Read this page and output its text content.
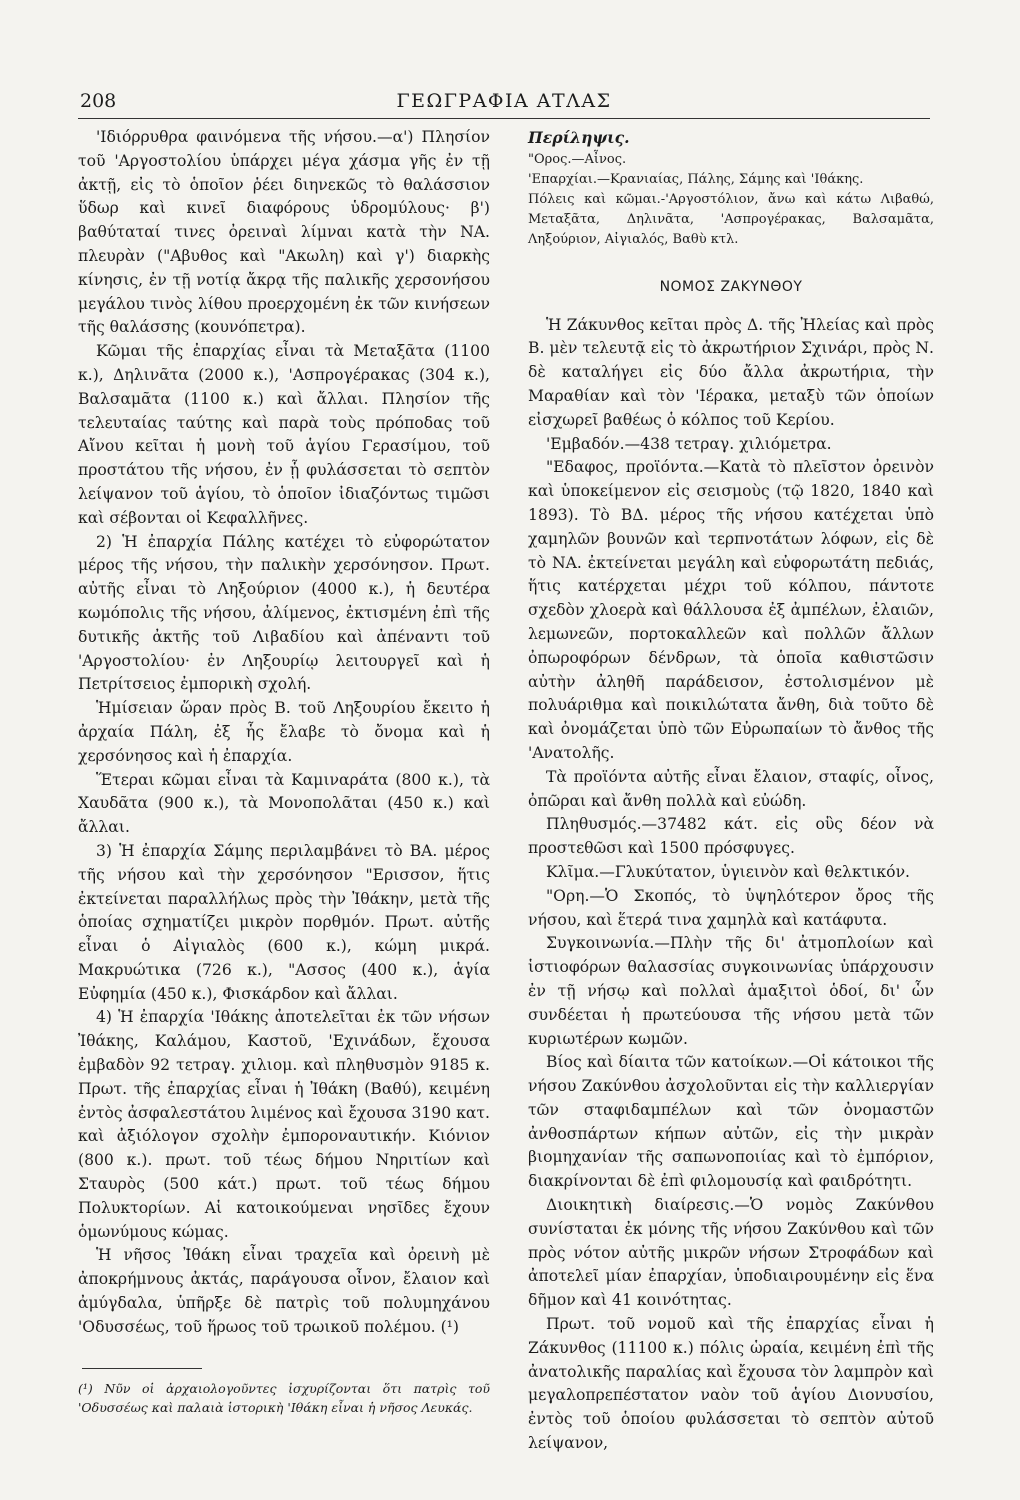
208	ΓΕΩΓΡΑΦΙΑ ΑΤΛΑΣ

'Ιδιόρρυθρα φαινόμενα τῆς νήσου.—α') Πλησίον τοῦ 'Αργοστολίου ὑπάρχει μέγα χάσμα γῆς ἐν τῇ ἀκτῇ, εἰς τὸ ὁποῖον ῥέει διηνεκῶς τὸ θαλάσσιον ὕδωρ καὶ κινεῖ διαφόρους ὑδρομύλους· β') βαθύταταί τινες ὀρειναὶ λίμναι κατὰ τὴν ΝΑ. πλευρὰν ("Αβυθος καὶ "Ακωλη) καὶ γ') διαρκὴς κίνησις, ἐν τῇ νοτίᾳ ἄκρᾳ τῆς παλικῆς χερσονήσου μεγάλου τινὸς λίθου προερχομένη ἐκ τῶν κινήσεων τῆς θαλάσσης (κουνόπετρα).

Κῶμαι τῆς ἐπαρχίας εἶναι τὰ Μεταξᾶτα (1100 κ.), Δηλινᾶτα (2000 κ.), 'Ασπρογέρακας (304 κ.), Βαλσαμᾶτα (1100 κ.) καὶ ἄλλαι. Πλησίον τῆς τελευταίας ταύτης καὶ παρὰ τοὺς πρόποδας τοῦ Αἴνου κεῖται ἡ μονὴ τοῦ ἁγίου Γερασίμου, τοῦ προστάτου τῆς νήσου, ἐν ᾗ φυλάσσεται τὸ σεπτὸν λείψανον τοῦ ἁγίου, τὸ ὁποῖον ἰδιαζόντως τιμῶσι καὶ σέβονται οἱ Κεφαλλῆνες.

2) Ἡ ἐπαρχία Πάλης κατέχει τὸ εὐφορώτατον μέρος τῆς νήσου, τὴν παλικὴν χερσόνησον. Πρωτ. αὐτῆς εἶναι τὸ Ληξούριον (4000 κ.), ἡ δευτέρα κωμόπολις τῆς νήσου, ἀλίμενος, ἐκτισμένη ἐπὶ τῆς δυτικῆς ἀκτῆς τοῦ Λιβαδίου καὶ ἀπέναντι τοῦ 'Αργοστολίου· ἐν Ληξουρίῳ λειτουργεῖ καὶ ἡ Πετρίτσειος ἐμπορικὴ σχολή.

Ἡμίσειαν ὥραν πρὸς Β. τοῦ Ληξουρίου ἔκειτο ἡ ἀρχαία Πάλη, ἐξ ἧς ἔλαβε τὸ ὄνομα καὶ ἡ χερσόνησος καὶ ἡ ἐπαρχία.

Ἕτεραι κῶμαι εἶναι τὰ Καμιναράτα (800 κ.), τὰ Χαυδᾶτα (900 κ.), τὰ Μονοπολᾶται (450 κ.) καὶ ἄλλαι.

3) Ἡ ἐπαρχία Σάμης περιλαμβάνει τὸ ΒΑ. μέρος τῆς νήσου καὶ τὴν χερσόνησον "Ερισσον, ἥτις ἐκτείνεται παραλλήλως πρὸς τὴν Ἰθάκην, μετὰ τῆς ὁποίας σχηματίζει μικρὸν πορθμόν. Πρωτ. αὐτῆς εἶναι ὁ Αἰγιαλὸς (600 κ.), κώμη μικρά. Μακρυώτικα (726 κ.), "Ασσος (400 κ.), ἁγία Εὐφημία (450 κ.), Φισκάρδον καὶ ἄλλαι.

4) Ἡ ἐπαρχία 'Ιθάκης ἀποτελεῖται ἐκ τῶν νήσων Ἰθάκης, Καλάμου, Καστοῦ, 'Εχινάδων, ἔχουσα ἐμβαδὸν 92 τετραγ. χιλιομ. καὶ πληθυσμὸν 9185 κ. Πρωτ. τῆς ἐπαρχίας εἶναι ἡ Ἰθάκη (Βαθύ), κειμένη ἐντὸς ἀσφαλεστάτου λιμένος καὶ ἔχουσα 3190 κατ. καὶ ἀξιόλογον σχολὴν ἐμποροναυτικήν. Κιόνιον (800 κ.). πρωτ. τοῦ τέως δήμου Νηριτίων καὶ Σταυρὸς (500 κάτ.) πρωτ. τοῦ τέως δήμου Πολυκτορίων. Αἱ κατοικούμεναι νησῖδες ἔχουν ὁμωνύμους κώμας.

Ἡ νῆσος Ἰθάκη εἶναι τραχεῖα καὶ ὀρεινὴ μὲ ἀποκρήμνους ἀκτάς, παράγουσα οἶνον, ἔλαιον καὶ ἀμύγδαλα, ὑπῆρξε δὲ πατρὶς τοῦ πολυμηχάνου 'Οδυσσέως, τοῦ ἥρωος τοῦ τρωικοῦ πολέμου. (¹)

(¹) Νῦν οἱ ἀρχαιολογοῦντες ἰσχυρίζονται ὅτι πατρὶς τοῦ 'Οδυσσέως καὶ παλαιὰ ἱστορικὴ 'Ιθάκη εἶναι ἡ νῆσος Λευκάς.

Περίληψις.

"Ορος.—Αἶνος.

'Επαρχίαι.—Κρανιαίας, Πάλης, Σάμης καὶ 'Ιθάκης.

Πόλεις καὶ κῶμαι.-'Αργοστόλιον, ἄνω καὶ κάτω Λιβαθώ, Μεταξᾶτα, Δηλινᾶτα, 'Ασπρογέρακας, Βαλσαμᾶτα, Ληξούριον, Αἰγιαλός, Βαθὺ κτλ.

ΝΟΜΟΣ ΖΑΚΥΝΘΟΥ

Ἡ Ζάκυνθος κεῖται πρὸς Δ. τῆς Ἠλείας καὶ πρὸς Β. μὲν τελευτᾷ εἰς τὸ ἀκρωτήριον Σχινάρι, πρὸς Ν. δὲ καταλήγει εἰς δύο ἄλλα ἀκρωτήρια, τὴν Μαραθίαν καὶ τὸν 'Ιέρακα, μεταξὺ τῶν ὁποίων εἰσχωρεῖ βαθέως ὁ κόλπος τοῦ Κερίου.

'Εμβαδόν.—438 τετραγ. χιλιόμετρα.

"Εδαφος, προϊόντα.—Κατὰ τὸ πλεῖστον ὀρεινὸν καὶ ὑποκείμενον εἰς σεισμοὺς (τῷ 1820, 1840 καὶ 1893). Τὸ ΒΔ. μέρος τῆς νήσου κατέχεται ὑπὸ χαμηλῶν βουνῶν καὶ τερπνοτάτων λόφων, εἰς δὲ τὸ ΝΑ. ἐκτείνεται μεγάλη καὶ εὐφορωτάτη πεδιάς, ἥτις κατέρχεται μέχρι τοῦ κόλπου, πάντοτε σχεδὸν χλοερὰ καὶ θάλλουσα ἐξ ἀμπέλων, ἐλαιῶν, λεμωνεῶν, πορτοκαλλεῶν καὶ πολλῶν ἄλλων ὀπωροφόρων δένδρων, τὰ ὁποῖα καθιστῶσιν αὐτὴν ἀληθῆ παράδεισον, ἐστολισμένον μὲ πολυάριθμα καὶ ποικιλώτατα ἄνθη, διὰ τοῦτο δὲ καὶ ὀνομάζεται ὑπὸ τῶν Εὐρωπαίων τὸ ἄνθος τῆς 'Ανατολῆς.

Τὰ προϊόντα αὐτῆς εἶναι ἔλαιον, σταφίς, οἶνος, ὀπῶραι καὶ ἄνθη πολλὰ καὶ εὐώδη.

Πληθυσμός.—37482 κάτ. εἰς οὓς δέον νὰ προστεθῶσι καὶ 1500 πρόσφυγες.

Κλῖμα.—Γλυκύτατον, ὑγιεινὸν καὶ θελκτικόν.

"Ορη.—Ὁ Σκοπός, τὸ ὑψηλότερον ὄρος τῆς νήσου, καὶ ἕτερά τινα χαμηλὰ καὶ κατάφυτα.

Συγκοινωνία.—Πλὴν τῆς δι' ἀτμοπλοίων καὶ ἱστιοφόρων θαλασσίας συγκοινωνίας ὑπάρχουσιν ἐν τῇ νήσῳ καὶ πολλαὶ ἁμαξιτοὶ ὁδοί, δι' ὧν συνδέεται ἡ πρωτεύουσα τῆς νήσου μετὰ τῶν κυριωτέρων κωμῶν.

Βίος καὶ δίαιτα τῶν κατοίκων.—Οἱ κάτοικοι τῆς νήσου Ζακύνθου ἀσχολοῦνται εἰς τὴν καλλιεργίαν τῶν σταφιδαμπέλων καὶ τῶν ὀνομαστῶν ἀνθοσπάρτων κήπων αὐτῶν, εἰς τὴν μικρὰν βιομηχανίαν τῆς σαπωνοποιίας καὶ τὸ ἐμπόριον, διακρίνονται δὲ ἐπὶ φιλομουσίᾳ καὶ φαιδρότητι.

Διοικητικὴ διαίρεσις.—Ὁ νομὸς Ζακύνθου συνίσταται ἐκ μόνης τῆς νήσου Ζακύνθου καὶ τῶν πρὸς νότον αὐτῆς μικρῶν νήσων Στροφάδων καὶ ἀποτελεῖ μίαν ἐπαρχίαν, ὑποδιαιρουμένην εἰς ἕνα δῆμον καὶ 41 κοινότητας.

Πρωτ. τοῦ νομοῦ καὶ τῆς ἐπαρχίας εἶναι ἡ Ζάκυνθος (11100 κ.) πόλις ὡραία, κειμένη ἐπὶ τῆς ἀνατολικῆς παραλίας καὶ ἔχουσα τὸν λαμπρὸν καὶ μεγαλοπρεπέστατον ναὸν τοῦ ἁγίου Διονυσίου, ἐντὸς τοῦ ὁποίου φυλάσσεται τὸ σεπτὸν αὐτοῦ λείψανον,
